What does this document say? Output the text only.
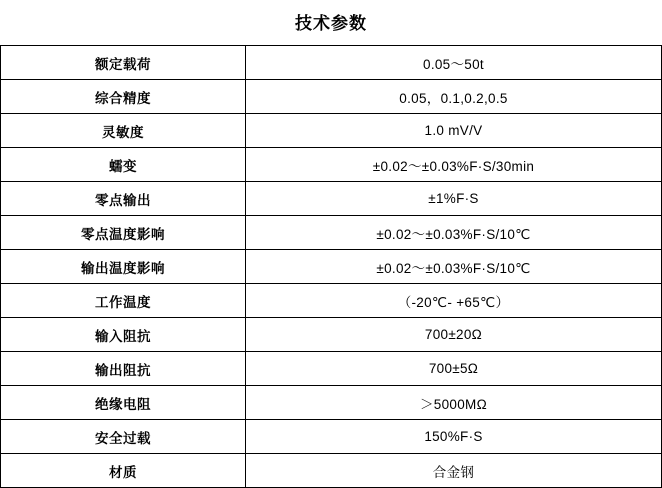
技术参数
额定载荷	0.05～50t
综合精度	0.05，0.1,0.2,0.5
灵敏度	1.0 mV/V
蠕变	±0.02～±0.03%F·S/30min
零点输出	±1%F·S
零点温度影响	±0.02～±0.03%F·S/10℃
输出温度影响	±0.02～±0.03%F·S/10℃
工作温度	（-20℃- +65℃）
输入阻抗	700±20Ω
输出阻抗	700±5Ω
绝缘电阻	＞5000MΩ
安全过载	150%F·S
材质	合金钢
